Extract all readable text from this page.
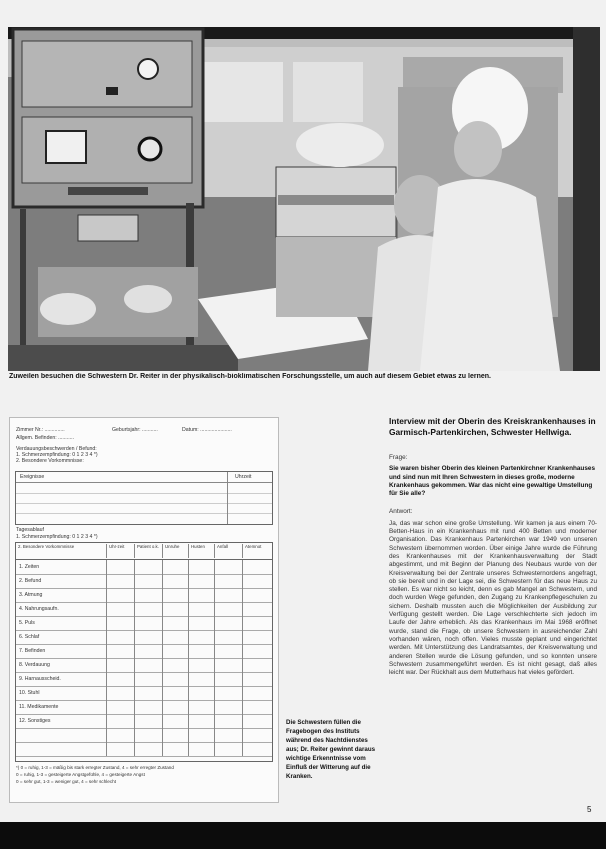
Zuweilen besuchen die Schwestern Dr. Reiter in der physikalisch-bioklimatischen Forschungsstelle, um auch auf diesem Gebiet etwas zu lernen.
Zimmer Nr.: ..............	Geburtsjahr: ...........	Datum: ......................
Allgem. Befinden: ...........
Verdauungsbeschwerden / Befund:
1. Schmerzempfindung: 0 1 2 3 4 *)
2. Besondere Vorkommnisse:
Ereignisse	Uhrzeit
Tagesablauf
1. Schmerzempfindung: 0 1 2 3 4 *)
2. Besondere Vorkommnisse	Uhr-zeit	Patient o.k.	Unruhe	Husten	Anfall	Atemnot
1. Zeiten
2. Befund
3. Atmung
4. Nahrungsaufn.
5. Puls
6. Schlaf
7. Befinden
8. Verdauung
9. Harnausscheid.
10. Stuhl
11. Medikamente
12. Sonstiges
*) 0 = ruhig, 1-3 = mäßig bis stark erregter Zustand, 4 = sehr erregter Zustand
0 = ruhig, 1-3 = gesteigerte Angstgefühle, 4 = gesteigerte Angst
0 = sehr gut, 1-3 = weniger gut, 4 = sehr schlecht
Die Schwestern füllen die Fragebogen des Instituts während des Nachtdienstes aus; Dr. Reiter gewinnt daraus wichtige Erkenntnisse vom Einfluß der Witterung auf die Kranken.
Interview mit der Oberin des Kreiskrankenhauses in Garmisch-Partenkirchen, Schwester Hellwiga.
Frage:
Sie waren bisher Oberin des kleinen Partenkirchner Krankenhauses und sind nun mit Ihren Schwestern in dieses große, moderne Krankenhaus gekommen. War das nicht eine gewaltige Umstellung für Sie alle?
Antwort:
Ja, das war schon eine große Umstellung. Wir kamen ja aus einem 70-Betten-Haus in ein Krankenhaus mit rund 400 Betten und moderner Organisation. Das Krankenhaus Partenkirchen war 1949 von unseren Schwestern übernommen worden. Über einige Jahre wurde die Führung des Krankenhauses mit der Krankenhausverwaltung der Stadt abgestimmt, und mit Beginn der Planung des Neubaus wurde von der Kreisverwaltung bei der Zentrale unseres Schwesternordens angefragt, ob sie bereit und in der Lage sei, die Schwestern für das neue Haus zu stellen. Es war nicht so leicht, denn es gab Mangel an Schwestern, und doch wurden Wege gefunden, den Zugang zu Krankenpflegeschulen zu sichern. Deshalb mussten auch die Möglichkeiten der Ausbildung zur Verfügung gestellt werden. Die Lage verschlechterte sich jedoch im Laufe der Jahre erheblich. Als das Krankenhaus im Mai 1968 eröffnet wurde, stand die Frage, ob unsere Schwestern in ausreichender Zahl vorhanden wären, noch offen. Vieles musste geplant und eingerichtet werden. Mit Unterstützung des Landratsamtes, der Kreisverwaltung und anderen Stellen wurde die Lösung gefunden, und so konnten unsere Schwestern zusammengeführt werden. Es ist nicht gesagt, daß alles leicht war. Der Rückhalt aus dem Mutterhaus hat vieles gefördert.
5
